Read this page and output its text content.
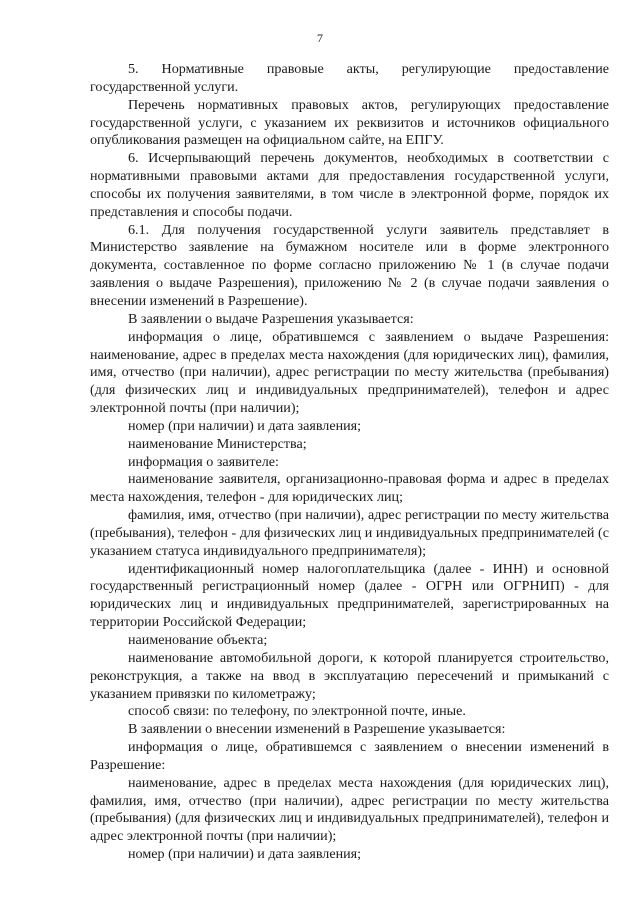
7

5. Нормативные правовые акты, регулирующие предоставление государственной услуги.

Перечень нормативных правовых актов, регулирующих предоставление государственной услуги, с указанием их реквизитов и источников официального опубликования размещен на официальном сайте, на ЕПГУ.

6. Исчерпывающий перечень документов, необходимых в соответствии с нормативными правовыми актами для предоставления государственной услуги, способы их получения заявителями, в том числе в электронной форме, порядок их представления и способы подачи.

6.1. Для получения государственной услуги заявитель представляет в Министерство заявление на бумажном носителе или в форме электронного документа, составленное по форме согласно приложению № 1 (в случае подачи заявления о выдаче Разрешения), приложению № 2 (в случае подачи заявления о внесении изменений в Разрешение).

В заявлении о выдаче Разрешения указывается:

информация о лице, обратившемся с заявлением о выдаче Разрешения: наименование, адрес в пределах места нахождения (для юридических лиц), фамилия, имя, отчество (при наличии), адрес регистрации по месту жительства (пребывания) (для физических лиц и индивидуальных предпринимателей), телефон и адрес электронной почты (при наличии);

номер (при наличии) и дата заявления;

наименование Министерства;

информация о заявителе:

наименование заявителя, организационно-правовая форма и адрес в пределах места нахождения, телефон - для юридических лиц;

фамилия, имя, отчество (при наличии), адрес регистрации по месту жительства (пребывания), телефон - для физических лиц и индивидуальных предпринимателей (с указанием статуса индивидуального предпринимателя);

идентификационный номер налогоплательщика (далее - ИНН) и основной государственный регистрационный номер (далее - ОГРН или ОГРНИП) - для юридических лиц и индивидуальных предпринимателей, зарегистрированных на территории Российской Федерации;

наименование объекта;

наименование автомобильной дороги, к которой планируется строительство, реконструкция, а также на ввод в эксплуатацию пересечений и примыканий с указанием привязки по километражу;

способ связи: по телефону, по электронной почте, иные.

В заявлении о внесении изменений в Разрешение указывается:

информация о лице, обратившемся с заявлением о внесении изменений в Разрешение:

наименование, адрес в пределах места нахождения (для юридических лиц), фамилия, имя, отчество (при наличии), адрес регистрации по месту жительства (пребывания) (для физических лиц и индивидуальных предпринимателей), телефон и адрес электронной почты (при наличии);

номер (при наличии) и дата заявления;
